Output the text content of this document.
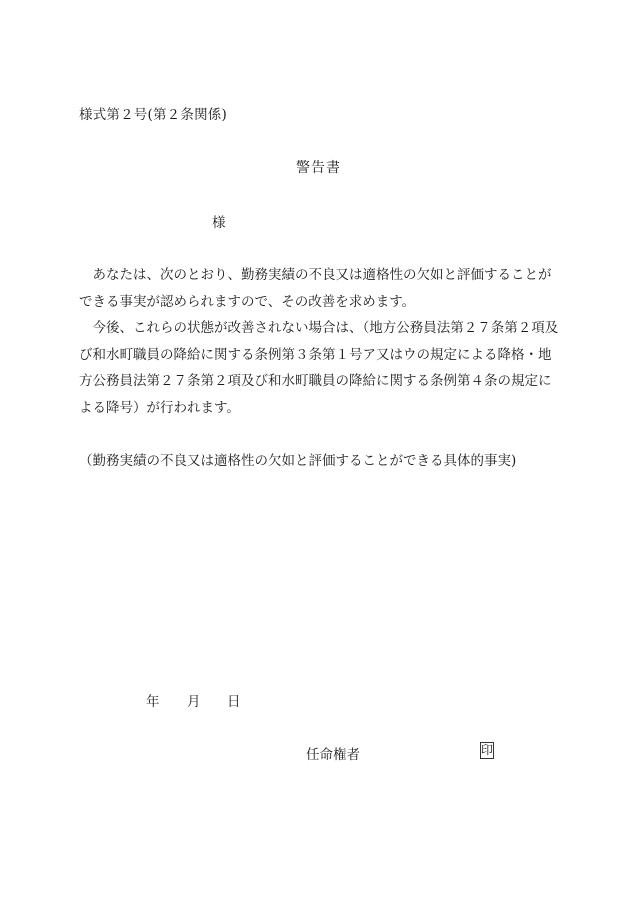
様式第２号(第２条関係)
警告書
様

あなたは、次のとおり、勤務実績の不良又は適格性の欠如と評価することができる事実が認められますので、その改善を求めます。

今後、これらの状態が改善されない場合は、（地方公務員法第２７条第２項及び和水町職員の降給に関する条例第３条第１号ア又はウの規定による降格・地方公務員法第２７条第２項及び和水町職員の降給に関する条例第４条の規定による降号）が行われます。

（勤務実績の不良又は適格性の欠如と評価することができる具体的事実)
年 月 日
任命権者	印
